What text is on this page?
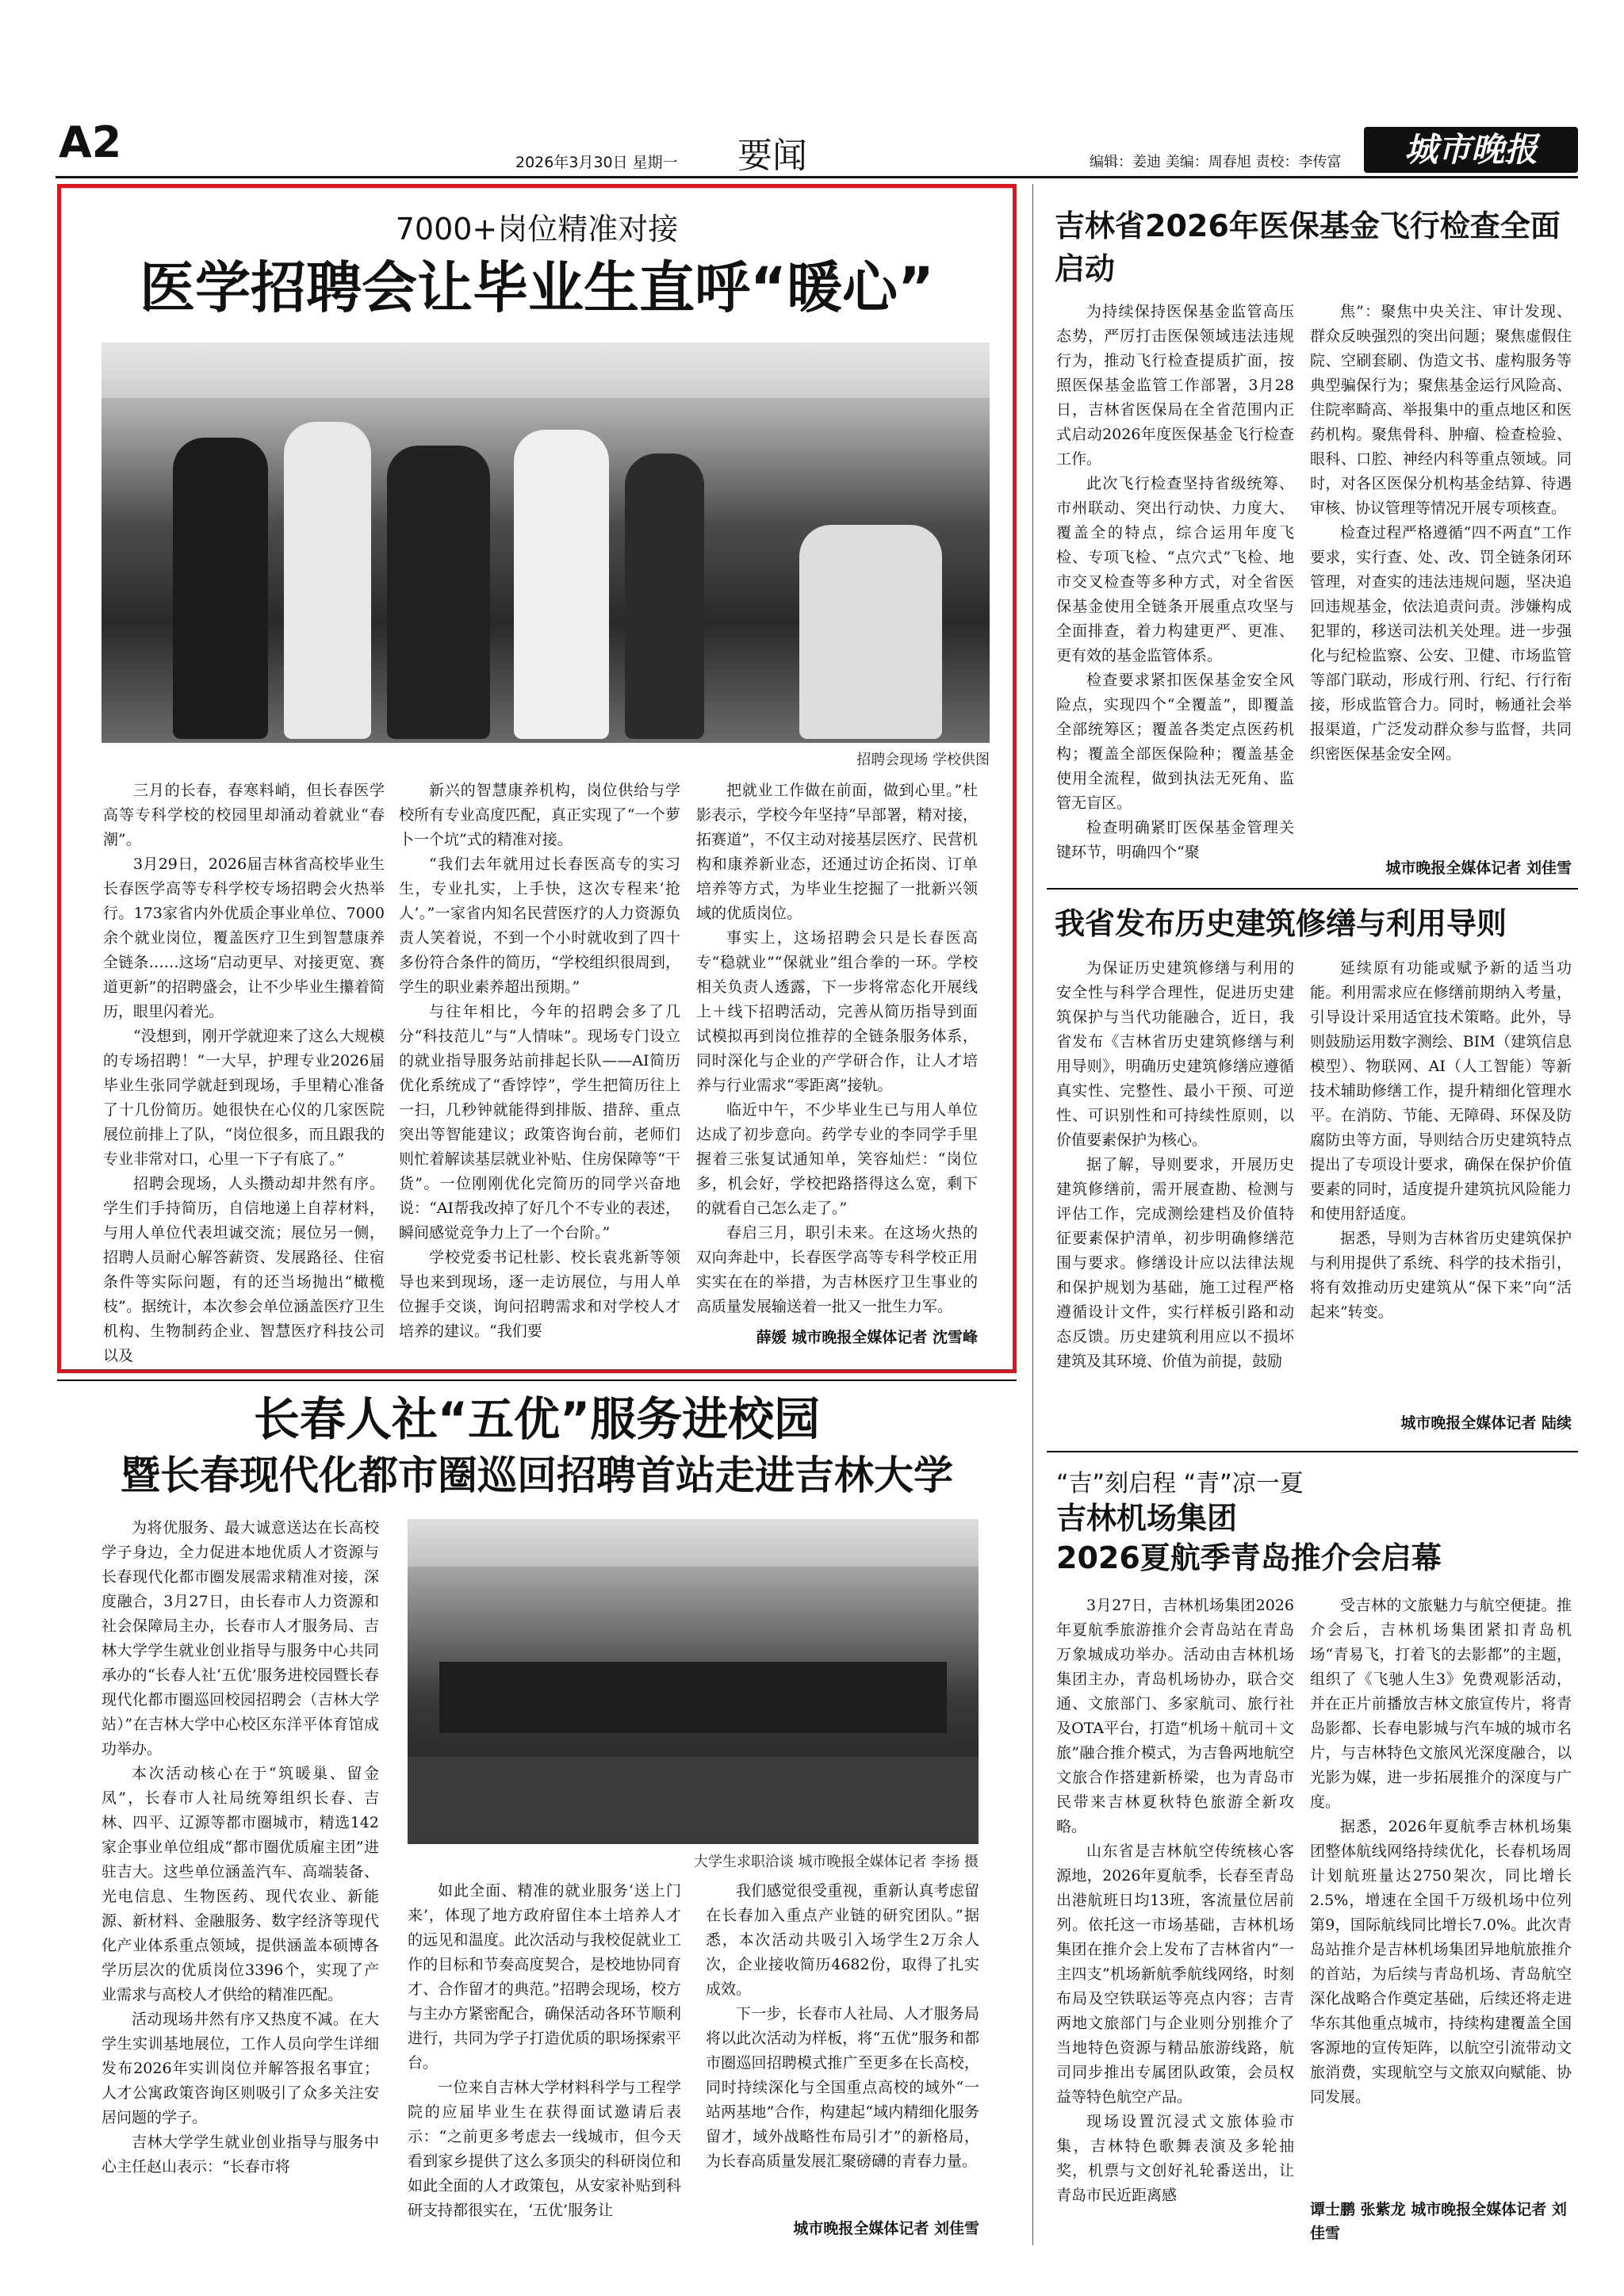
A2	2026年3月30日 星期一 要闻	编辑：姜迪 美编：周春旭 责校：李传富	城市晚报
7000+岗位精准对接
医学招聘会让毕业生直呼“暖心”
招聘会现场 学校供图

三月的长春，春寒料峭，但长春医学高等专科学校的校园里却涌动着就业“春潮”。

3月29日，2026届吉林省高校毕业生长春医学高等专科学校专场招聘会火热举行。173家省内外优质企事业单位、7000余个就业岗位，覆盖医疗卫生到智慧康养全链条……这场“启动更早、对接更宽、赛道更新”的招聘盛会，让不少毕业生攥着简历，眼里闪着光。

“没想到，刚开学就迎来了这么大规模的专场招聘！”一大早，护理专业2026届毕业生张同学就赶到现场，手里精心准备了十几份简历。她很快在心仪的几家医院展位前排上了队，“岗位很多，而且跟我的专业非常对口，心里一下子有底了。”

招聘会现场，人头攒动却井然有序。学生们手持简历，自信地递上自荐材料，与用人单位代表坦诚交流；展位另一侧，招聘人员耐心解答薪资、发展路径、住宿条件等实际问题，有的还当场抛出“橄榄枝”。据统计，本次参会单位涵盖医疗卫生机构、生物制药企业、智慧医疗科技公司以及

新兴的智慧康养机构，岗位供给与学校所有专业高度匹配，真正实现了“一个萝卜一个坑”式的精准对接。

“我们去年就用过长春医高专的实习生，专业扎实，上手快，这次专程来‘抢人’。”一家省内知名民营医疗的人力资源负责人笑着说，不到一个小时就收到了四十多份符合条件的简历，“学校组织很周到，学生的职业素养超出预期。”

与往年相比，今年的招聘会多了几分“科技范儿”与“人情味”。现场专门设立的就业指导服务站前排起长队——AI简历优化系统成了“香饽饽”，学生把简历往上一扫，几秒钟就能得到排版、措辞、重点突出等智能建议；政策咨询台前，老师们则忙着解读基层就业补贴、住房保障等“干货”。一位刚刚优化完简历的同学兴奋地说：“AI帮我改掉了好几个不专业的表述，瞬间感觉竞争力上了一个台阶。”

学校党委书记杜影、校长袁兆新等领导也来到现场，逐一走访展位，与用人单位握手交谈，询问招聘需求和对学校人才培养的建议。“我们要

把就业工作做在前面，做到心里。”杜影表示，学校今年坚持“早部署，精对接，拓赛道”，不仅主动对接基层医疗、民营机构和康养新业态，还通过访企拓岗、订单培养等方式，为毕业生挖掘了一批新兴领域的优质岗位。

事实上，这场招聘会只是长春医高专“稳就业”“保就业”组合拳的一环。学校相关负责人透露，下一步将常态化开展线上＋线下招聘活动，完善从简历指导到面试模拟再到岗位推荐的全链条服务体系，同时深化与企业的产学研合作，让人才培养与行业需求“零距离”接轨。

临近中午，不少毕业生已与用人单位达成了初步意向。药学专业的李同学手里握着三张复试通知单，笑容灿烂：“岗位多，机会好，学校把路搭得这么宽，剩下的就看自己怎么走了。”

春启三月，职引未来。在这场火热的双向奔赴中，长春医学高等专科学校正用实实在在的举措，为吉林医疗卫生事业的高质量发展输送着一批又一批生力军。

薛媛 城市晚报全媒体记者 沈雪峰
吉林省2026年医保基金飞行检查全面启动

为持续保持医保基金监管高压态势，严厉打击医保领域违法违规行为，推动飞行检查提质扩面，按照医保基金监管工作部署，3月28日，吉林省医保局在全省范围内正式启动2026年度医保基金飞行检查工作。

此次飞行检查坚持省级统筹、市州联动、突出行动快、力度大、覆盖全的特点，综合运用年度飞检、专项飞检、“点穴式”飞检、地市交叉检查等多种方式，对全省医保基金使用全链条开展重点攻坚与全面排查，着力构建更严、更准、更有效的基金监管体系。

检查要求紧扣医保基金安全风险点，实现四个“全覆盖”，即覆盖全部统筹区；覆盖各类定点医药机构；覆盖全部医保险种；覆盖基金使用全流程，做到执法无死角、监管无盲区。

检查明确紧盯医保基金管理关键环节，明确四个“聚

焦”：聚焦中央关注、审计发现、群众反映强烈的突出问题；聚焦虚假住院、空刷套刷、伪造文书、虚构服务等典型骗保行为；聚焦基金运行风险高、住院率畸高、举报集中的重点地区和医药机构。聚焦骨科、肿瘤、检查检验、眼科、口腔、神经内科等重点领域。同时，对各区医保分机构基金结算、待遇审核、协议管理等情况开展专项核查。

检查过程严格遵循“四不两直”工作要求，实行查、处、改、罚全链条闭环管理，对查实的违法违规问题，坚决追回违规基金，依法追责问责。涉嫌构成犯罪的，移送司法机关处理。进一步强化与纪检监察、公安、卫健、市场监管等部门联动，形成行刑、行纪、行行衔接，形成监管合力。同时，畅通社会举报渠道，广泛发动群众参与监督，共同织密医保基金安全网。

城市晚报全媒体记者 刘佳雪
我省发布历史建筑修缮与利用导则

为保证历史建筑修缮与利用的安全性与科学合理性，促进历史建筑保护与当代功能融合，近日，我省发布《吉林省历史建筑修缮与利用导则》，明确历史建筑修缮应遵循真实性、完整性、最小干预、可逆性、可识别性和可持续性原则，以价值要素保护为核心。

据了解，导则要求，开展历史建筑修缮前，需开展查勘、检测与评估工作，完成测绘建档及价值特征要素保护清单，初步明确修缮范围与要求。修缮设计应以法律法规和保护规划为基础，施工过程严格遵循设计文件，实行样板引路和动态反馈。历史建筑利用应以不损坏建筑及其环境、价值为前提，鼓励

延续原有功能或赋予新的适当功能。利用需求应在修缮前期纳入考量，引导设计采用适宜技术策略。此外，导则鼓励运用数字测绘、BIM（建筑信息模型）、物联网、AI（人工智能）等新技术辅助修缮工作，提升精细化管理水平。在消防、节能、无障碍、环保及防腐防虫等方面，导则结合历史建筑特点提出了专项设计要求，确保在保护价值要素的同时，适度提升建筑抗风险能力和使用舒适度。

据悉，导则为吉林省历史建筑保护与利用提供了系统、科学的技术指引，将有效推动历史建筑从“保下来”向“活起来”转变。

城市晚报全媒体记者 陆续
“吉”刻启程 “青”凉一夏
吉林机场集团
2026夏航季青岛推介会启幕

3月27日，吉林机场集团2026年夏航季旅游推介会青岛站在青岛万象城成功举办。活动由吉林机场集团主办，青岛机场协办，联合交通、文旅部门、多家航司、旅行社及OTA平台，打造“机场＋航司＋文旅”融合推介模式，为吉鲁两地航空文旅合作搭建新桥梁，也为青岛市民带来吉林夏秋特色旅游全新攻略。

山东省是吉林航空传统核心客源地，2026年夏航季，长春至青岛出港航班日均13班，客流量位居前列。依托这一市场基础，吉林机场集团在推介会上发布了吉林省内“一主四支”机场新航季航线网络，时刻布局及空铁联运等亮点内容；吉青两地文旅部门与企业则分别推介了当地特色资源与精品旅游线路，航司同步推出专属团队政策，会员权益等特色航空产品。

现场设置沉浸式文旅体验市集，吉林特色歌舞表演及多轮抽奖，机票与文创好礼轮番送出，让青岛市民近距离感

受吉林的文旅魅力与航空便捷。推介会后，吉林机场集团紧扣青岛机场“青易飞，打着飞的去影都”的主题，组织了《飞驰人生3》免费观影活动，并在正片前播放吉林文旅宣传片，将青岛影都、长春电影城与汽车城的城市名片，与吉林特色文旅风光深度融合，以光影为媒，进一步拓展推介的深度与广度。

据悉，2026年夏航季吉林机场集团整体航线网络持续优化，长春机场周计划航班量达2750架次，同比增长2.5%，增速在全国千万级机场中位列第9，国际航线同比增长7.0%。此次青岛站推介是吉林机场集团异地航旅推介的首站，为后续与青岛机场、青岛航空深化战略合作奠定基础，后续还将走进华东其他重点城市，持续构建覆盖全国客源地的宣传矩阵，以航空引流带动文旅消费，实现航空与文旅双向赋能、协同发展。

谭士鹏 张紫龙 城市晚报全媒体记者 刘佳雪
长春人社“五优”服务进校园
暨长春现代化都市圈巡回招聘首站走进吉林大学

为将优服务、最大诚意送达在长高校学子身边，全力促进本地优质人才资源与长春现代化都市圈发展需求精准对接，深度融合，3月27日，由长春市人力资源和社会保障局主办，长春市人才服务局、吉林大学学生就业创业指导与服务中心共同承办的“长春人社‘五优’服务进校园暨长春现代化都市圈巡回校园招聘会（吉林大学站）”在吉林大学中心校区东洋平体育馆成功举办。

本次活动核心在于“筑暖巢、留金凤”，长春市人社局统筹组织长春、吉林、四平、辽源等都市圈城市，精选142家企事业单位组成“都市圈优质雇主团”进驻吉大。这些单位涵盖汽车、高端装备、光电信息、生物医药、现代农业、新能源、新材料、金融服务、数字经济等现代化产业体系重点领域，提供涵盖本硕博各学历层次的优质岗位3396个，实现了产业需求与高校人才供给的精准匹配。

活动现场井然有序又热度不减。在大学生实训基地展位，工作人员向学生详细发布2026年实训岗位并解答报名事宜；人才公寓政策咨询区则吸引了众多关注安居问题的学子。

吉林大学学生就业创业指导与服务中心主任赵山表示：“长春市将

大学生求职洽谈 城市晚报全媒体记者 李扬 摄

如此全面、精准的就业服务‘送上门来’，体现了地方政府留住本土培养人才的远见和温度。此次活动与我校促就业工作的目标和节奏高度契合，是校地协同育才、合作留才的典范。”招聘会现场，校方与主办方紧密配合，确保活动各环节顺利进行，共同为学子打造优质的职场探索平台。

一位来自吉林大学材料科学与工程学院的应届毕业生在获得面试邀请后表示：“之前更多考虑去一线城市，但今天看到家乡提供了这么多顶尖的科研岗位和如此全面的人才政策包，从安家补贴到科研支持都很实在，‘五优’服务让

我们感觉很受重视，重新认真考虑留在长春加入重点产业链的研究团队。”据悉，本次活动共吸引入场学生2万余人次，企业接收简历4682份，取得了扎实成效。

下一步，长春市人社局、人才服务局将以此次活动为样板，将“五优”服务和都市圈巡回招聘模式推广至更多在长高校，同时持续深化与全国重点高校的域外“一站两基地”合作，构建起“域内精细化服务留才，域外战略性布局引才”的新格局，为长春高质量发展汇聚磅礴的青春力量。

城市晚报全媒体记者 刘佳雪
